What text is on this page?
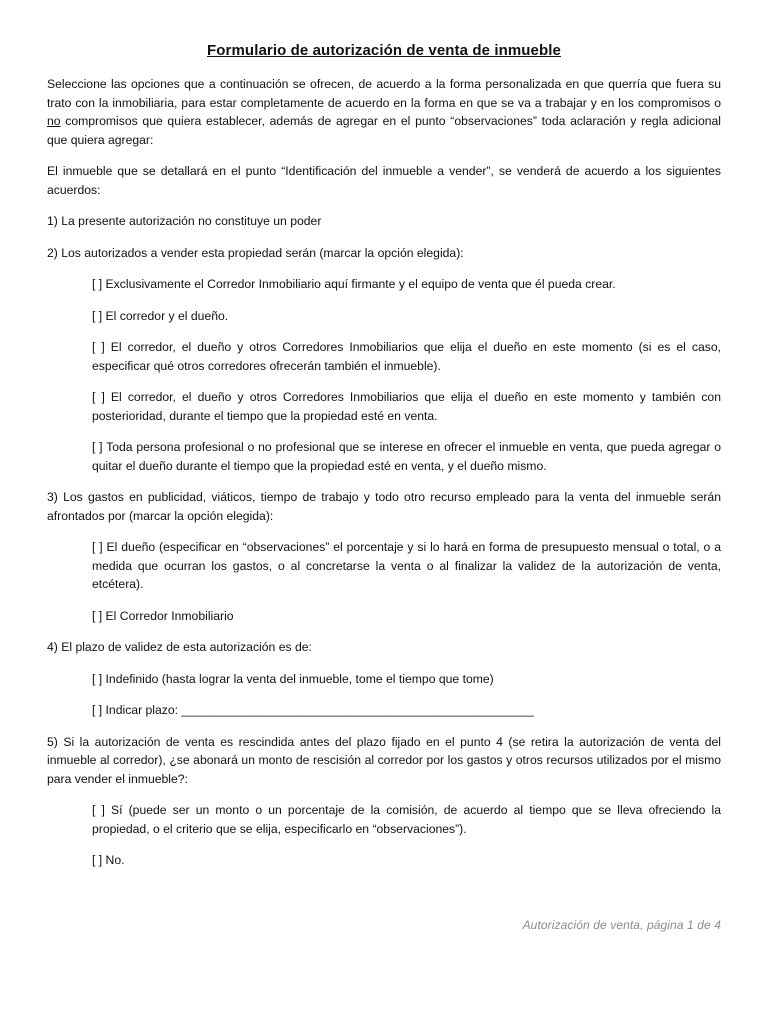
Formulario de autorización de venta de inmueble

Seleccione las opciones que a continuación se ofrecen, de acuerdo a la forma personalizada en que querría que fuera su trato con la inmobiliaria, para estar completamente de acuerdo en la forma en que se va a trabajar y en los compromisos o no compromisos que quiera establecer, además de agregar en el punto “observaciones” toda aclaración y regla adicional que quiera agregar:

El inmueble que se detallará en el punto “Identificación del inmueble a vender”, se venderá de acuerdo a los siguientes acuerdos:

1) La presente autorización no constituye un poder

2) Los autorizados a vender esta propiedad serán (marcar la opción elegida):

[ ] Exclusivamente el Corredor Inmobiliario aquí firmante y el equipo de venta que él pueda crear.

[ ] El corredor y el dueño.

[ ] El corredor, el dueño y otros Corredores Inmobiliarios que elija el dueño en este momento (si es el caso, especificar qué otros corredores ofrecerán también el inmueble).

[ ] El corredor, el dueño y otros Corredores Inmobiliarios que elija el dueño en este momento y también con posterioridad, durante el tiempo que la propiedad esté en venta.

[ ] Toda persona profesional o no profesional que se interese en ofrecer el inmueble en venta, que pueda agregar o quitar el dueño durante el tiempo que la propiedad esté en venta, y el dueño mismo.

3) Los gastos en publicidad, viáticos, tiempo de trabajo y todo otro recurso empleado para la venta del inmueble serán afrontados por (marcar la opción elegida):

[ ] El dueño (especificar en “observaciones” el porcentaje y si lo hará en forma de presupuesto mensual o total, o a medida que ocurran los gastos, o al concretarse la venta o al finalizar la validez de la autorización de venta, etcétera).

[ ] El Corredor Inmobiliario

4) El plazo de validez de esta autorización es de:

[ ] Indefinido (hasta lograr la venta del inmueble, tome el tiempo que tome)

[ ] Indicar plazo: ____________________________________________________

5) Si la autorización de venta es rescindida antes del plazo fijado en el punto 4 (se retira la autorización de venta del inmueble al corredor), ¿se abonará un monto de rescisión al corredor por los gastos y otros recursos utilizados por el mismo para vender el inmueble?:

[ ] Sí (puede ser un monto o un porcentaje de la comisión, de acuerdo al tiempo que se lleva ofreciendo la propiedad, o el criterio que se elija, especificarlo en “observaciones”).

[ ] No.

Autorización de venta, página 1 de 4
